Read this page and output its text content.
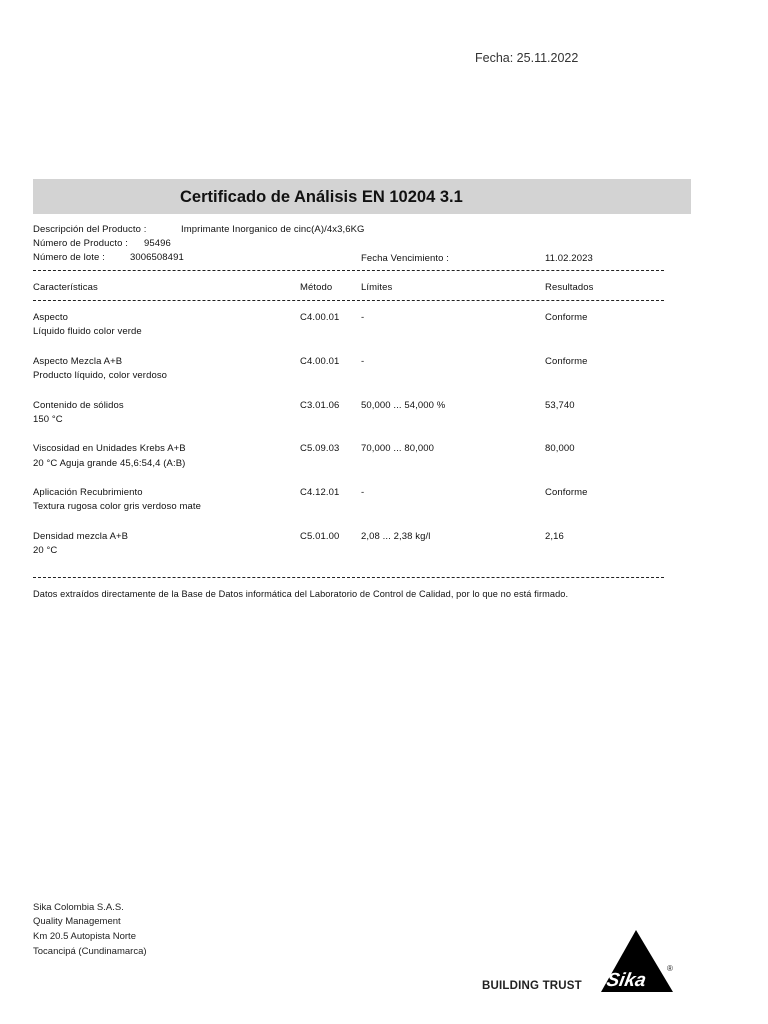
Fecha: 25.11.2022
Certificado de Análisis EN 10204 3.1
Descripción del Producto :	Imprimante Inorganico de cinc(A)/4x3,6KG
Número de Producto : 95496
Número de lote :	3006508491	Fecha Vencimiento :	11.02.2023
Características	Método	Límites	Resultados
Aspecto
Líquido fluido color verde
C4.00.01 -	Conforme
Aspecto Mezcla A+B
Producto líquido, color verdoso
C4.00.01 -	Conforme
Contenido de sólidos
150 °C
C3.01.06 50,000 ... 54,000 %	53,740
Viscosidad en Unidades Krebs A+B
20 °C Aguja grande 45,6:54,4 (A:B)
C5.09.03 70,000 ... 80,000	80,000
Aplicación Recubrimiento
Textura rugosa color gris verdoso mate
C4.12.01 -	Conforme
Densidad mezcla A+B
20 °C
C5.01.00 2,08 ... 2,38 kg/l	2,16
Datos extraídos directamente de la Base de Datos informática del Laboratorio de Control de Calidad, por lo que no está firmado.
Sika Colombia S.A.S.
Quality Management
Km 20.5 Autopista Norte
Tocancipá (Cundinamarca)
BUILDING TRUST Sika
®
